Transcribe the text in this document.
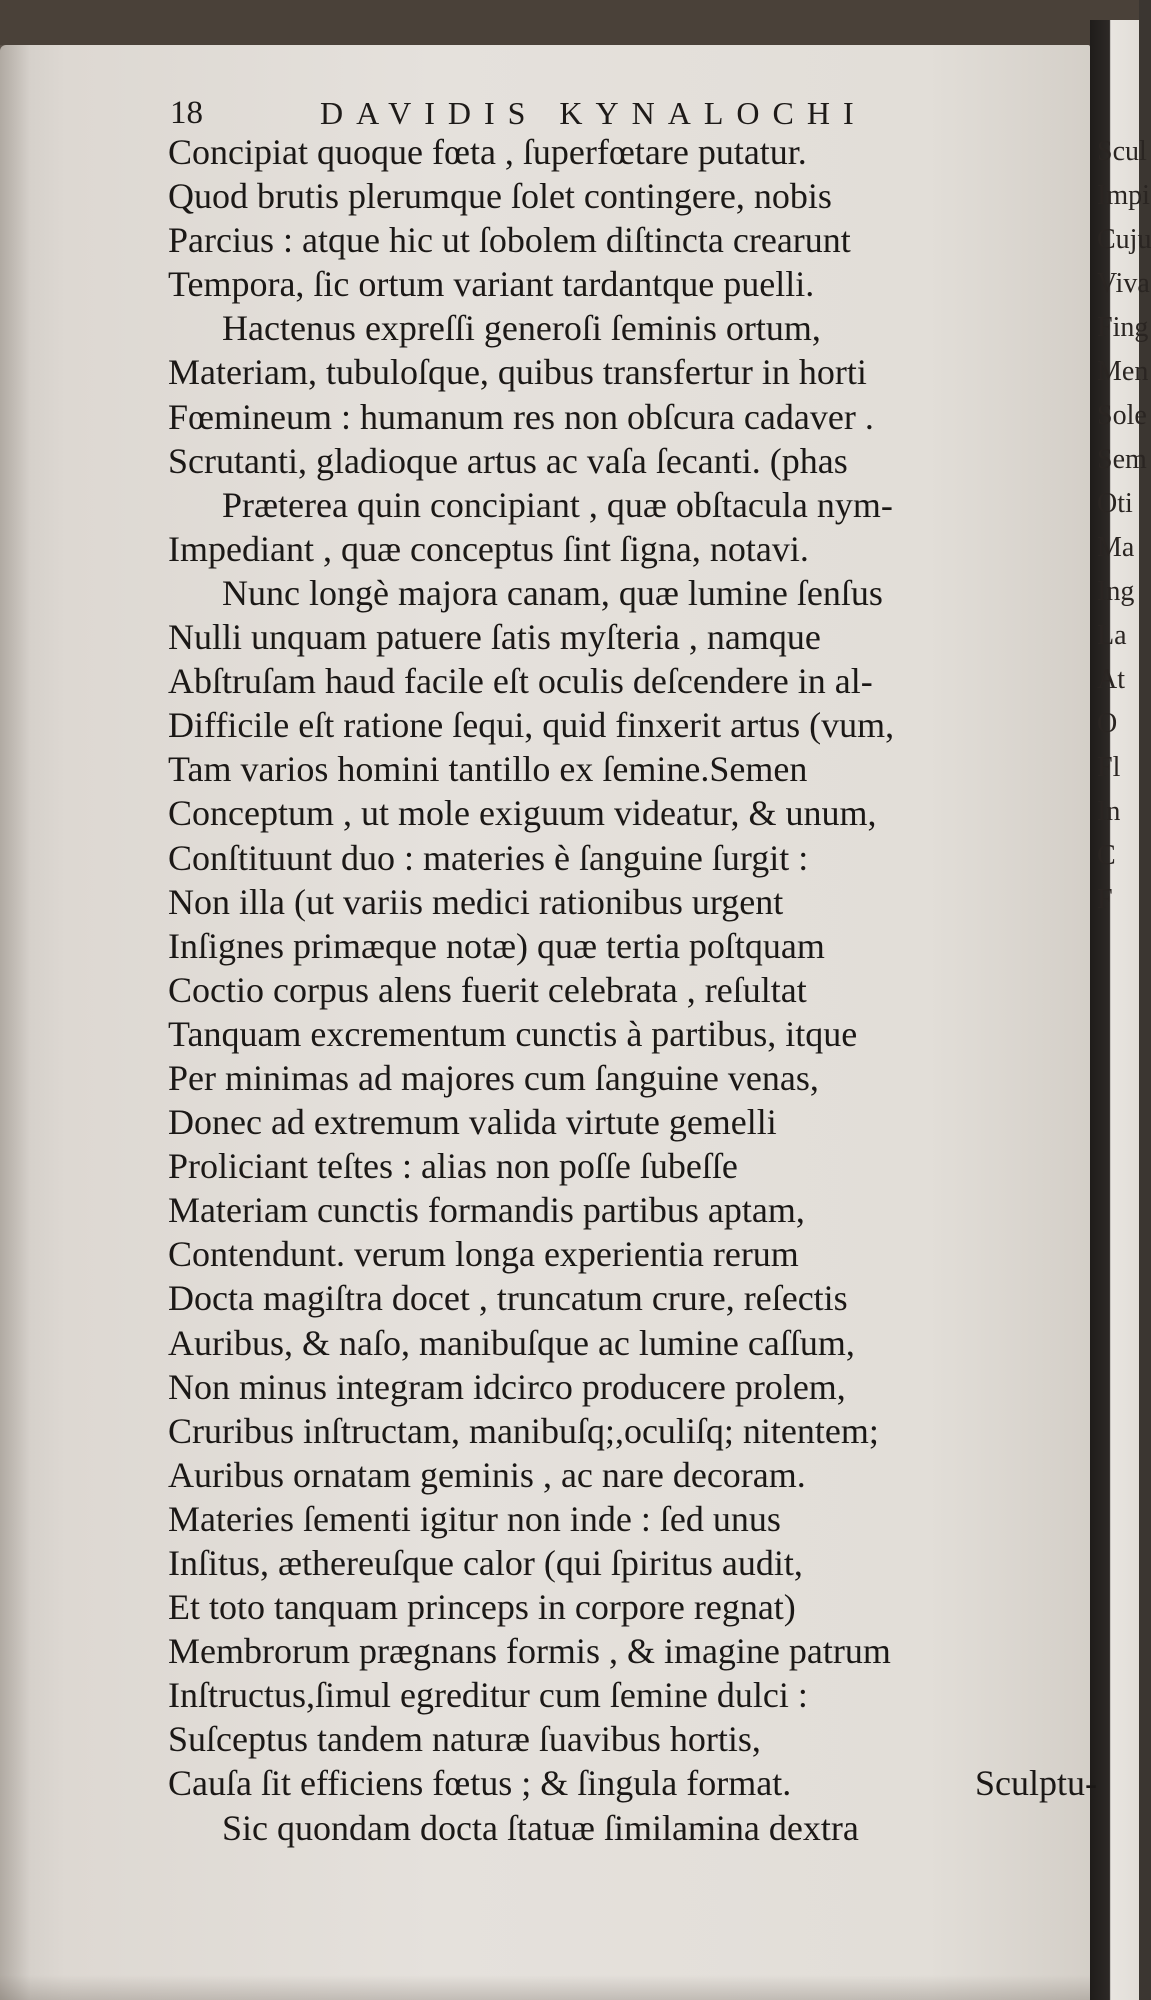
Scul
Impi
Cuju
Viva
Fing
Men
Sole
Sem
Oti
Ma
Ing
La
At
O
Fl
In
C
F
18	DAVIDIS KYNALOCHI
Concipiat quoque fœta , ſuperfœtare putatur.
Quod brutis plerumque ſolet contingere, nobis
Parcius : atque hic ut ſobolem diſtincta crearunt
Tempora, ſic ortum variant tardantque puelli.
Hactenus expreſſi generoſi ſeminis ortum,
Materiam, tubuloſque, quibus transfertur in horti
Fœmineum : humanum res non obſcura cadaver .
Scrutanti, gladioque artus ac vaſa ſecanti. (phas
Præterea quin concipiant , quæ obſtacula nym-
Impediant , quæ conceptus ſint ſigna, notavi.
Nunc longè majora canam, quæ lumine ſenſus
Nulli unquam patuere ſatis myſteria , namque
Abſtruſam haud facile eſt oculis deſcendere in al-
Difficile eſt ratione ſequi, quid finxerit artus (vum,
Tam varios homini tantillo ex ſemine.Semen
Conceptum , ut mole exiguum videatur, & unum,
Conſtituunt duo : materies è ſanguine ſurgit :
Non illa (ut variis medici rationibus urgent
Inſignes primæque notæ) quæ tertia poſtquam
Coctio corpus alens fuerit celebrata , reſultat
Tanquam excrementum cunctis à partibus, itque
Per minimas ad majores cum ſanguine venas,
Donec ad extremum valida virtute gemelli
Proliciant teſtes : alias non poſſe ſubeſſe
Materiam cunctis formandis partibus aptam,
Contendunt. verum longa experientia rerum
Docta magiſtra docet , truncatum crure, reſectis
Auribus, & naſo, manibuſque ac lumine caſſum,
Non minus integram idcirco producere prolem,
Cruribus inſtructam, manibuſq;,oculiſq; nitentem;
Auribus ornatam geminis , ac nare decoram.
Materies ſementi igitur non inde : ſed unus
Inſitus, æthereuſque calor (qui ſpiritus audit,
Et toto tanquam princeps in corpore regnat)
Membrorum prægnans formis , & imagine patrum
Inſtructus,ſimul egreditur cum ſemine dulci :
Suſceptus tandem naturæ ſuavibus hortis,
Cauſa ſit efficiens fœtus ; & ſingula format.
Sic quondam docta ſtatuæ ſimilamina dextra
Sculptu-
